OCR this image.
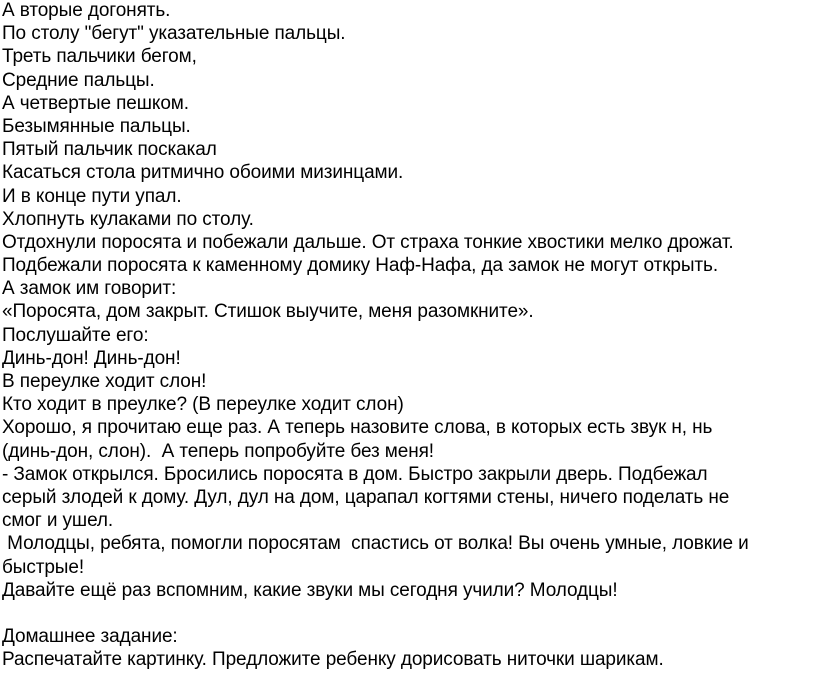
А вторые догонять.
По столу "бегут" указательные пальцы.
Треть пальчики бегом,
Средние пальцы.
А четвертые пешком.
Безымянные пальцы.
Пятый пальчик поскакал
Касаться стола ритмично обоими мизинцами.
И в конце пути упал.
Хлопнуть кулаками по столу.
Отдохнули поросята и побежали дальше. От страха тонкие хвостики мелко дрожат.
Подбежали поросята к каменному домику Наф-Нафа, да замок не могут открыть.
А замок им говорит:
«Поросята, дом закрыт. Стишок выучите, меня разомкните».
Послушайте его:
Динь-дон! Динь-дон!
В переулке ходит слон!
Кто ходит в преулке? (В переулке ходит слон)
Хорошо, я прочитаю еще раз. А теперь назовите слова, в которых есть звук н, нь
(динь-дон, слон).  А теперь попробуйте без меня!
- Замок открылся. Бросились поросята в дом. Быстро закрыли дверь. Подбежал
серый злодей к дому. Дул, дул на дом, царапал когтями стены, ничего поделать не
смог и ушел.
Молодцы, ребята, помогли поросятам  спастись от волка! Вы очень умные, ловкие и
быстрые!
Давайте ещё раз вспомним, какие звуки мы сегодня учили? Молодцы!
Домашнее задание:
Распечатайте картинку. Предложите ребенку дорисовать ниточки шарикам.
